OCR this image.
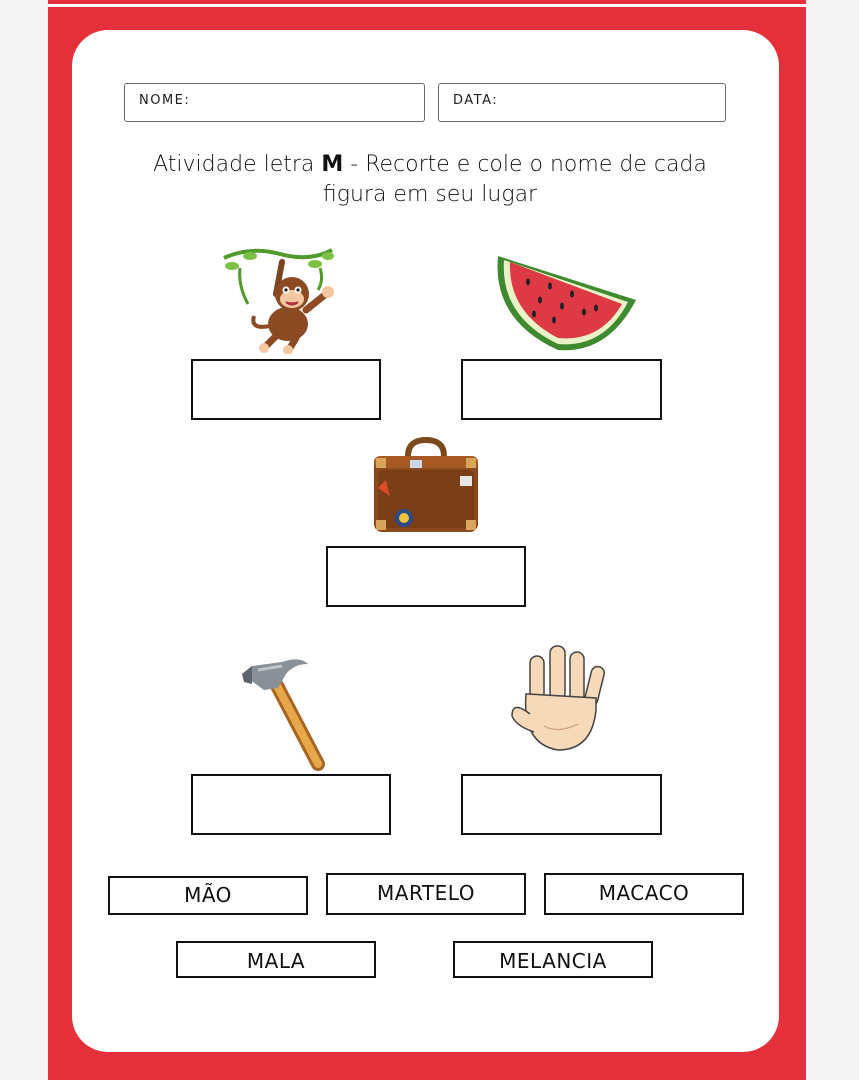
NOME:	DATA:
Atividade letra M - Recorte e cole o nome de cada figura em seu lugar
MÃO	MARTELO	MACACO
MALA	MELANCIA
